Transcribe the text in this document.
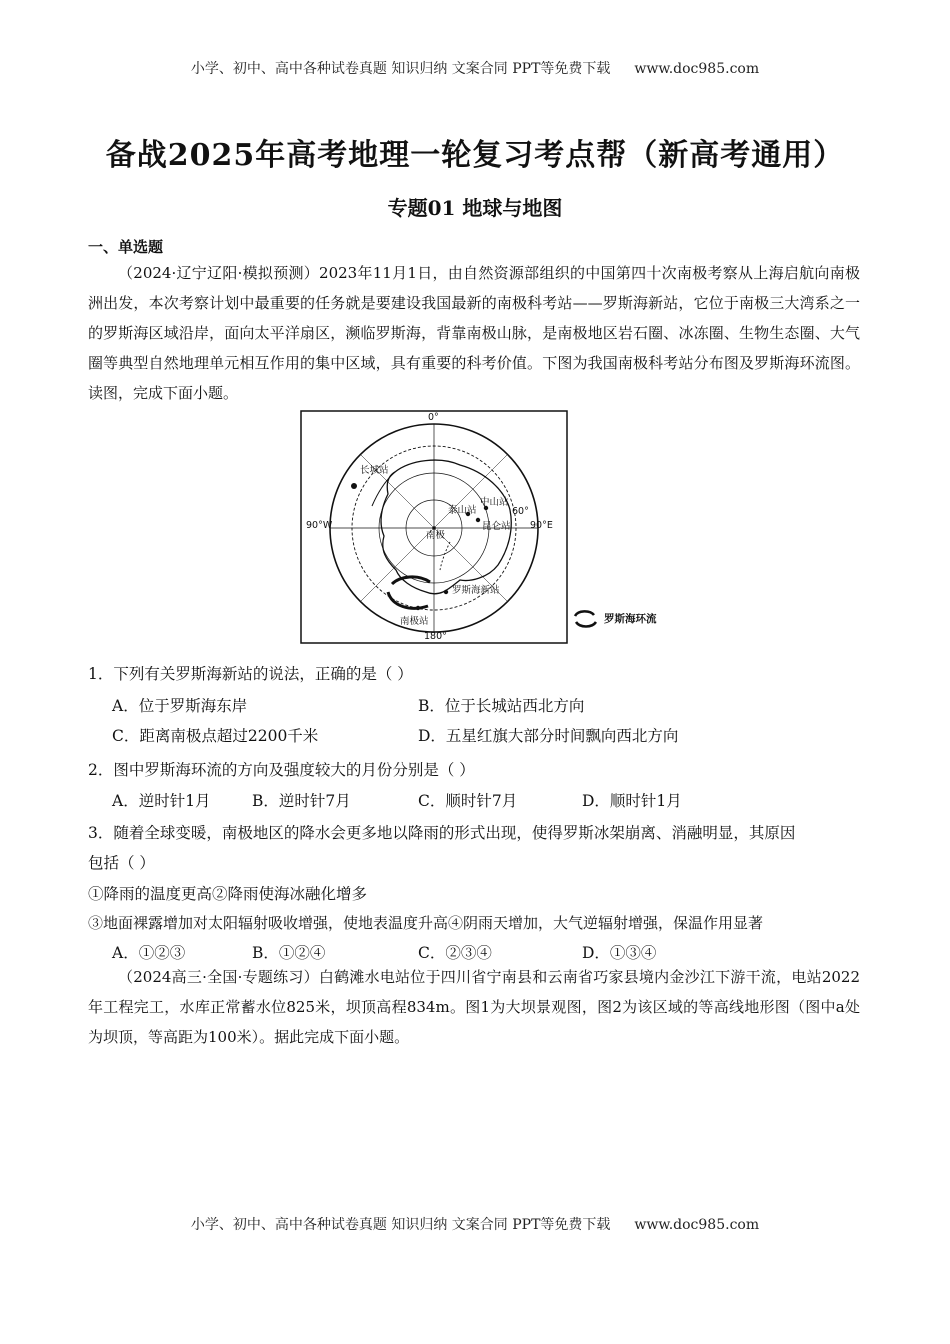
小学、初中、高中各种试卷真题 知识归纳 文案合同 PPT等免费下载 www.doc985.com
备战2025年高考地理一轮复习考点帮（新高考通用）
专题01 地球与地图
一、单选题

（2024·辽宁辽阳·模拟预测）2023年11月1日，由自然资源部组织的中国第四十次南极考察从上海启航向南极洲出发，本次考察计划中最重要的任务就是要建设我国最新的南极科考站——罗斯海新站，它位于南极三大湾系之一的罗斯海区域沿岸，面向太平洋扇区，濒临罗斯海，背靠南极山脉，是南极地区岩石圈、冰冻圈、生物生态圈、大气圈等典型自然地理单元相互作用的集中区域，具有重要的科考价值。下图为我国南极科考站分布图及罗斯海环流图。读图，完成下面小题。

0°
180°
90°W	90°E
60°
长城站
泰山站
中山站
昆仑站
南极
罗斯海新站
南极站	罗斯海环流
1．下列有关罗斯海新站的说法，正确的是（ ）
A．位于罗斯海东岸	B．位于长城站西北方向
C．距离南极点超过2200千米	D．五星红旗大部分时间飘向西北方向
2．图中罗斯海环流的方向及强度较大的月份分别是（ ）
A．逆时针1月	B．逆时针7月	C．顺时针7月	D．顺时针1月
3．随着全球变暖，南极地区的降水会更多地以降雨的形式出现，使得罗斯冰架崩离、消融明显，其原因
包括（ ）
①降雨的温度更高②降雨使海冰融化增多
③地面裸露增加对太阳辐射吸收增强，使地表温度升高④阴雨天增加，大气逆辐射增强，保温作用显著
A．①②③	B．①②④	C．②③④	D．①③④

（2024高三·全国·专题练习）白鹤滩水电站位于四川省宁南县和云南省巧家县境内金沙江下游干流，电站2022年工程完工，水库正常蓄水位825米，坝顶高程834m。图1为大坝景观图，图2为该区域的等高线地形图（图中a处为坝顶，等高距为100米）。据此完成下面小题。

小学、初中、高中各种试卷真题 知识归纳 文案合同 PPT等免费下载 www.doc985.com
